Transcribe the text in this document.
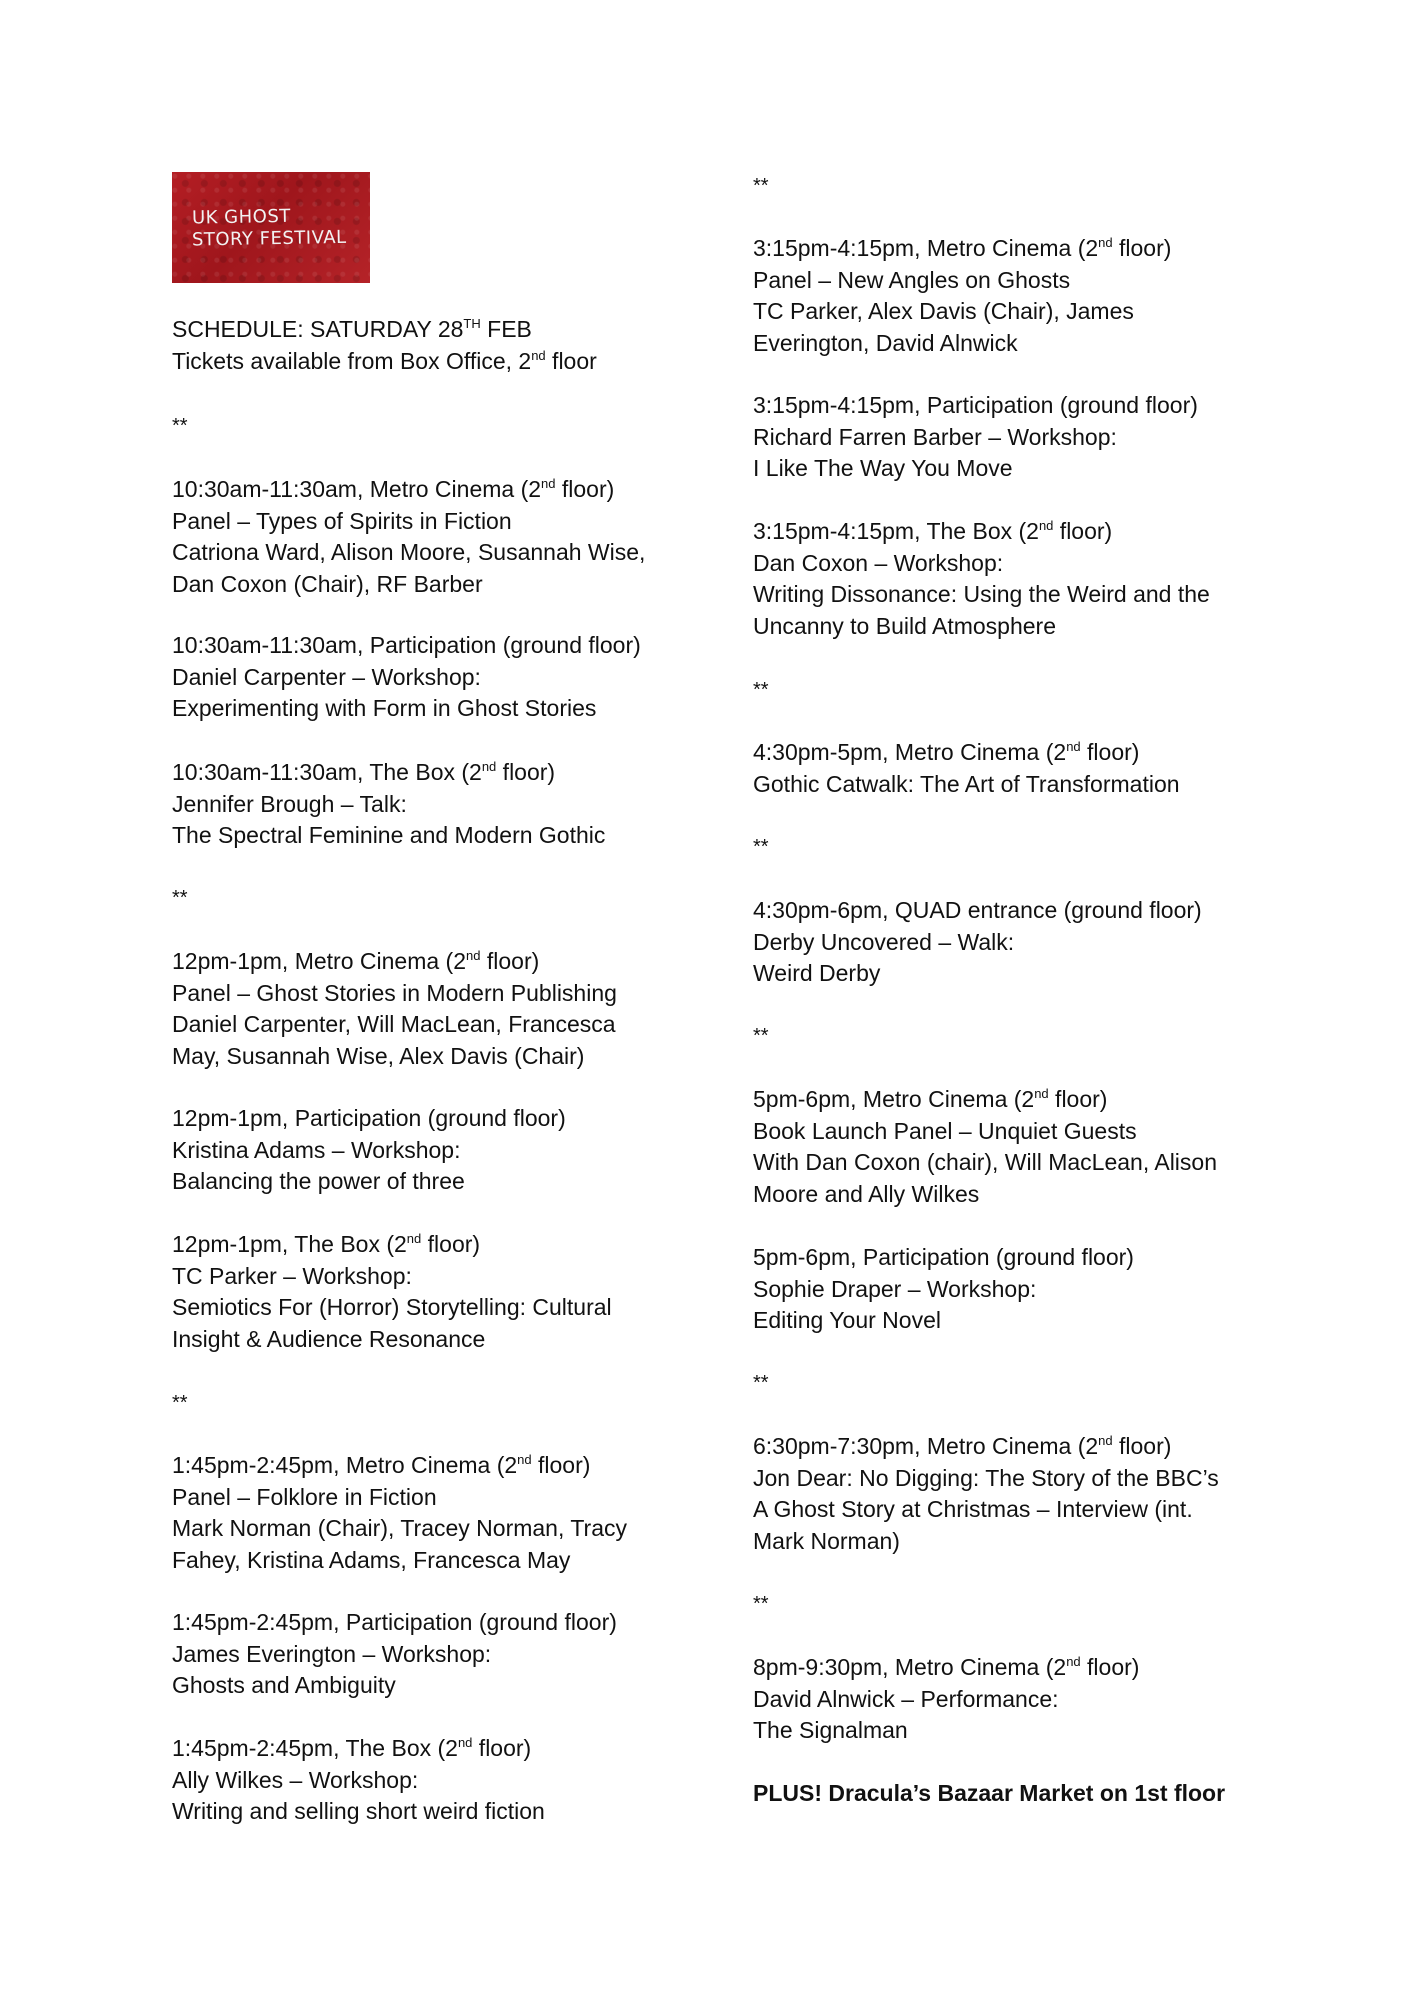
UK GHOST
STORY FESTIVAL
SCHEDULE: SATURDAY 28TH FEB
Tickets available from Box Office, 2nd floor
**
10:30am-11:30am, Metro Cinema (2nd floor)
Panel – Types of Spirits in Fiction
Catriona Ward, Alison Moore, Susannah Wise,
Dan Coxon (Chair), RF Barber
10:30am-11:30am, Participation (ground floor)
Daniel Carpenter – Workshop:
Experimenting with Form in Ghost Stories
10:30am-11:30am, The Box (2nd floor)
Jennifer Brough – Talk:
The Spectral Feminine and Modern Gothic
**
12pm-1pm, Metro Cinema (2nd floor)
Panel – Ghost Stories in Modern Publishing
Daniel Carpenter, Will MacLean, Francesca
May, Susannah Wise, Alex Davis (Chair)
12pm-1pm, Participation (ground floor)
Kristina Adams – Workshop:
Balancing the power of three
12pm-1pm, The Box (2nd floor)
TC Parker – Workshop:
Semiotics For (Horror) Storytelling: Cultural
Insight & Audience Resonance
**
1:45pm-2:45pm, Metro Cinema (2nd floor)
Panel – Folklore in Fiction
Mark Norman (Chair), Tracey Norman, Tracy
Fahey, Kristina Adams, Francesca May
1:45pm-2:45pm, Participation (ground floor)
James Everington – Workshop:
Ghosts and Ambiguity
1:45pm-2:45pm, The Box (2nd floor)
Ally Wilkes – Workshop:
Writing and selling short weird fiction
**
3:15pm-4:15pm, Metro Cinema (2nd floor)
Panel – New Angles on Ghosts
TC Parker, Alex Davis (Chair), James
Everington, David Alnwick
3:15pm-4:15pm, Participation (ground floor)
Richard Farren Barber – Workshop:
I Like The Way You Move
3:15pm-4:15pm, The Box (2nd floor)
Dan Coxon – Workshop:
Writing Dissonance: Using the Weird and the
Uncanny to Build Atmosphere
**
4:30pm-5pm, Metro Cinema (2nd floor)
Gothic Catwalk: The Art of Transformation
**
4:30pm-6pm, QUAD entrance (ground floor)
Derby Uncovered – Walk:
Weird Derby
**
5pm-6pm, Metro Cinema (2nd floor)
Book Launch Panel – Unquiet Guests
With Dan Coxon (chair), Will MacLean, Alison
Moore and Ally Wilkes
5pm-6pm, Participation (ground floor)
Sophie Draper – Workshop:
Editing Your Novel
**
6:30pm-7:30pm, Metro Cinema (2nd floor)
Jon Dear: No Digging: The Story of the BBC’s
A Ghost Story at Christmas – Interview (int.
Mark Norman)
**
8pm-9:30pm, Metro Cinema (2nd floor)
David Alnwick – Performance:
The Signalman
PLUS! Dracula’s Bazaar Market on 1st floor
